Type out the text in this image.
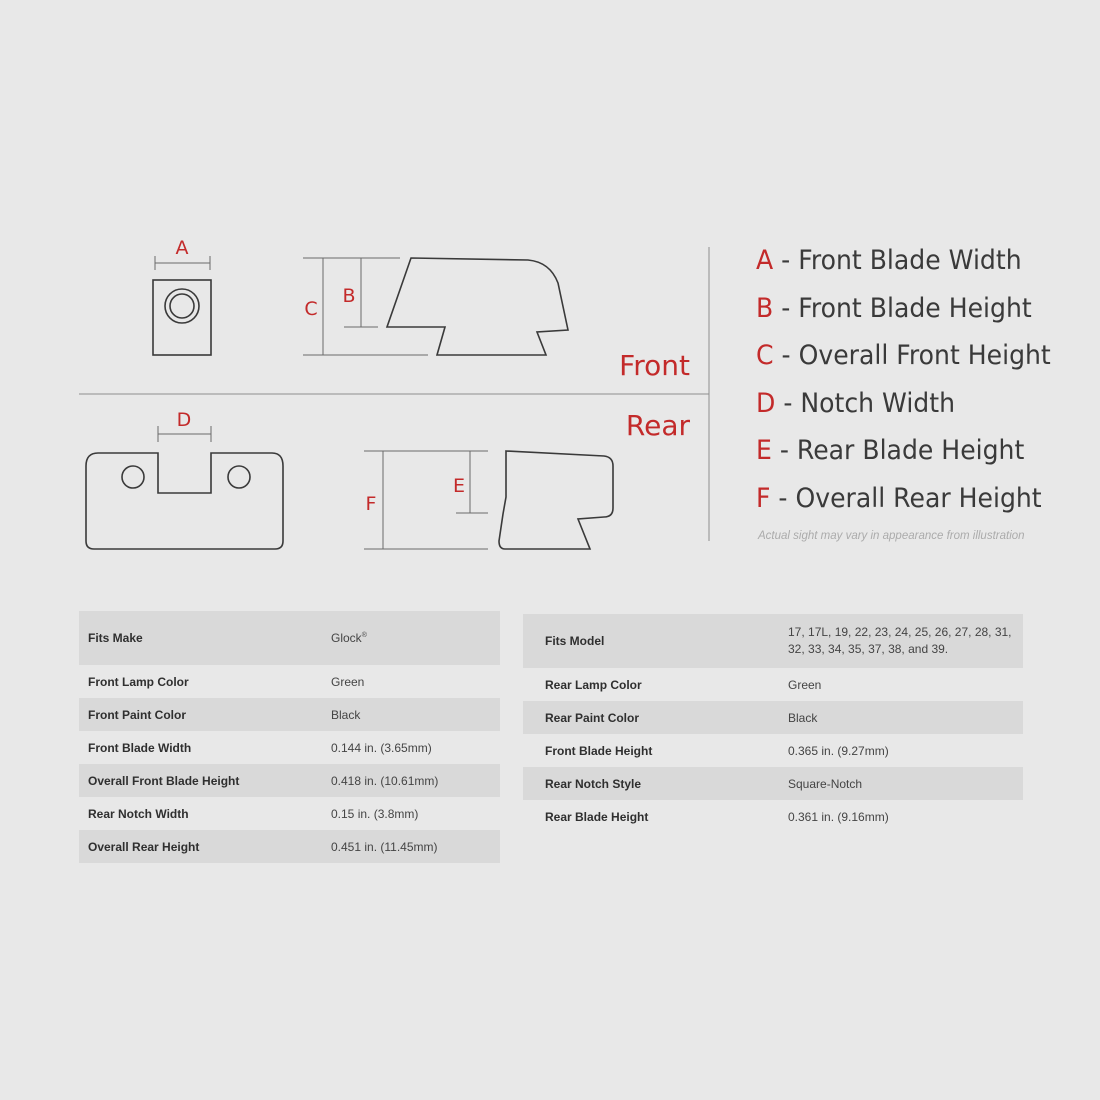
A
C
B
Front
Rear
D
F
E
A - Front Blade Width
B - Front Blade Height
C - Overall Front Height
D - Notch Width
E - Rear Blade Height
F - Overall Rear Height
Actual sight may vary in appearance from illustration
Fits Make	Glock®
Front Lamp Color	Green
Front Paint Color	Black
Front Blade Width	0.144 in. (3.65mm)
Overall Front Blade Height	0.418 in. (10.61mm)
Rear Notch Width	0.15 in. (3.8mm)
Overall Rear Height	0.451 in. (11.45mm)
Fits Model	17, 17L, 19, 22, 23, 24, 25, 26, 27, 28, 31,
32, 33, 34, 35, 37, 38, and 39.

Rear Lamp Color	Green
Rear Paint Color	Black
Front Blade Height	0.365 in. (9.27mm)
Rear Notch Style	Square-Notch
Rear Blade Height	0.361 in. (9.16mm)
